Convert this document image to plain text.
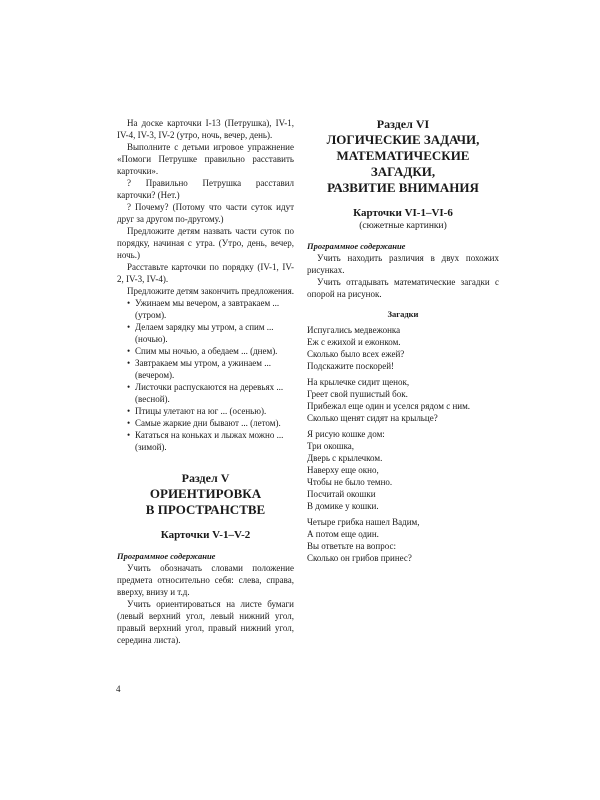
На доске карточки I-13 (Петрушка), IV-1, IV-4, IV-3, IV-2 (утро, ночь, вечер, день).

Выполните с детьми игровое упражнение «Помоги Петрушке правильно расставить карточки».

? Правильно Петрушка расставил карточки? (Нет.)

? Почему? (Потому что части суток идут друг за другом по-другому.)

Предложите детям назвать части суток по порядку, начиная с утра. (Утро, день, вечер, ночь.)

Расставьте карточки по порядку (IV-1, IV-2, IV-3, IV-4).

Предложите детям закончить предложения.

• Ужинаем мы вечером, а завтракаем ... (утром).
• Делаем зарядку мы утром, а спим ... (ночью).
• Спим мы ночью, а обедаем ... (днем).
• Завтракаем мы утром, а ужинаем ... (вечером).
• Листочки распускаются на деревьях ... (весной).
• Птицы улетают на юг ... (осенью).
• Самые жаркие дни бывают ... (летом).
• Кататься на коньках и лыжах можно ... (зимой).
Раздел V
ОРИЕНТИРОВКА
В ПРОСТРАНСТВЕ
Карточки V-1–V-2
Программное содержание

Учить обозначать словами положение предмета относительно себя: слева, справа, вверху, внизу и т.д.

Учить ориентироваться на листе бумаги (левый верхний угол, левый нижний угол, правый верхний угол, правый нижний угол, середина листа).

Раздел VI
ЛОГИЧЕСКИЕ ЗАДАЧИ,
МАТЕМАТИЧЕСКИЕ ЗАГАДКИ,
РАЗВИТИЕ ВНИМАНИЯ
Карточки VI-1–VI-6
(сюжетные картинки)
Программное содержание

Учить находить различия в двух похожих рисунках.

Учить отгадывать математические загадки с опорой на рисунок.

Загадки
Испугались медвежонка
Еж с ежихой и ежонком.
Сколько было всех ежей?
Подскажите поскорей!
На крылечке сидит щенок,
Греет свой пушистый бок.
Прибежал еще один и уселся рядом с ним.
Сколько щенят сидят на крыльце?
Я рисую кошке дом:
Три окошка,
Дверь с крылечком.
Наверху еще окно,
Чтобы не было темно.
Посчитай окошки
В домике у кошки.
Четыре грибка нашел Вадим,
А потом еще один.
Вы ответьте на вопрос:
Сколько он грибов принес?
4
